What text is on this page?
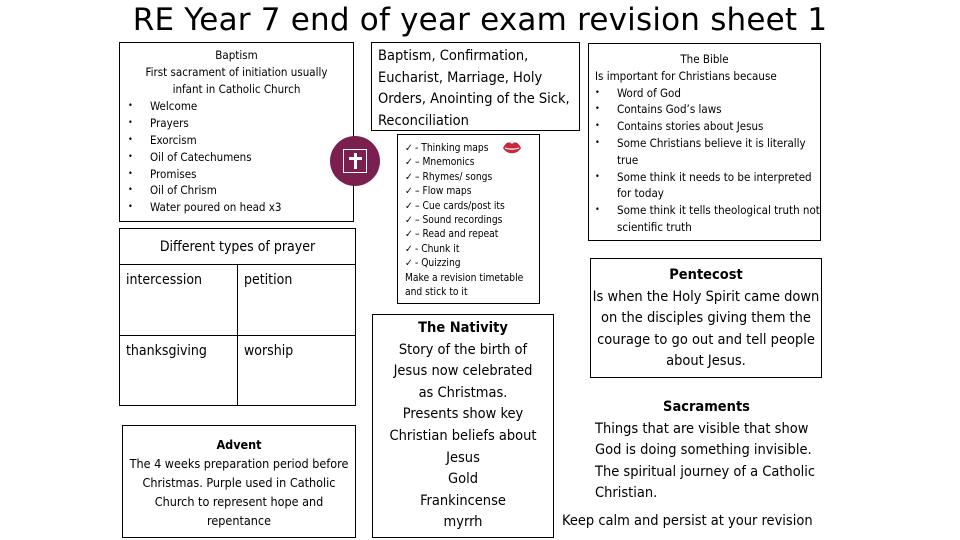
RE Year 7 end of year exam revision sheet 1
Baptism
First sacrament of initiation usually infant in Catholic Church
• Welcome
• Prayers
• Exorcism
• Oil of Catechumens
• Promises
• Oil of Chrism
• Water poured on head x3
Different types of prayer
intercession	petition
thanksgiving	worship
Advent
The 4 weeks preparation period before Christmas. Purple used in Catholic Church to represent hope and repentance
Baptism, Confirmation, Eucharist, Marriage, Holy Orders, Anointing of the Sick, Reconciliation
✓ - Thinking maps
✓ – Mnemonics
✓ – Rhymes/ songs
✓ – Flow maps
✓ – Cue cards/post its
✓ – Sound recordings
✓ – Read and repeat
✓ - Chunk it
✓ - Quizzing
Make a revision timetable and stick to it
The Bible
Is important for Christians because
• Word of God
• Contains God’s laws
• Contains stories about Jesus
• Some Christians believe it is literally true
• Some think it needs to be interpreted for today
• Some think it tells theological truth not scientific truth
The Nativity
Story of the birth of
Jesus now celebrated
as Christmas.
Presents show key
Christian beliefs about
Jesus
Gold
Frankincense
myrrh
Pentecost
Is when the Holy Spirit came down on the disciples giving them the courage to go out and tell people about Jesus.
Sacraments
Things that are visible that show God is doing something invisible. The spiritual journey of a Catholic Christian.
Keep calm and persist at your revision
